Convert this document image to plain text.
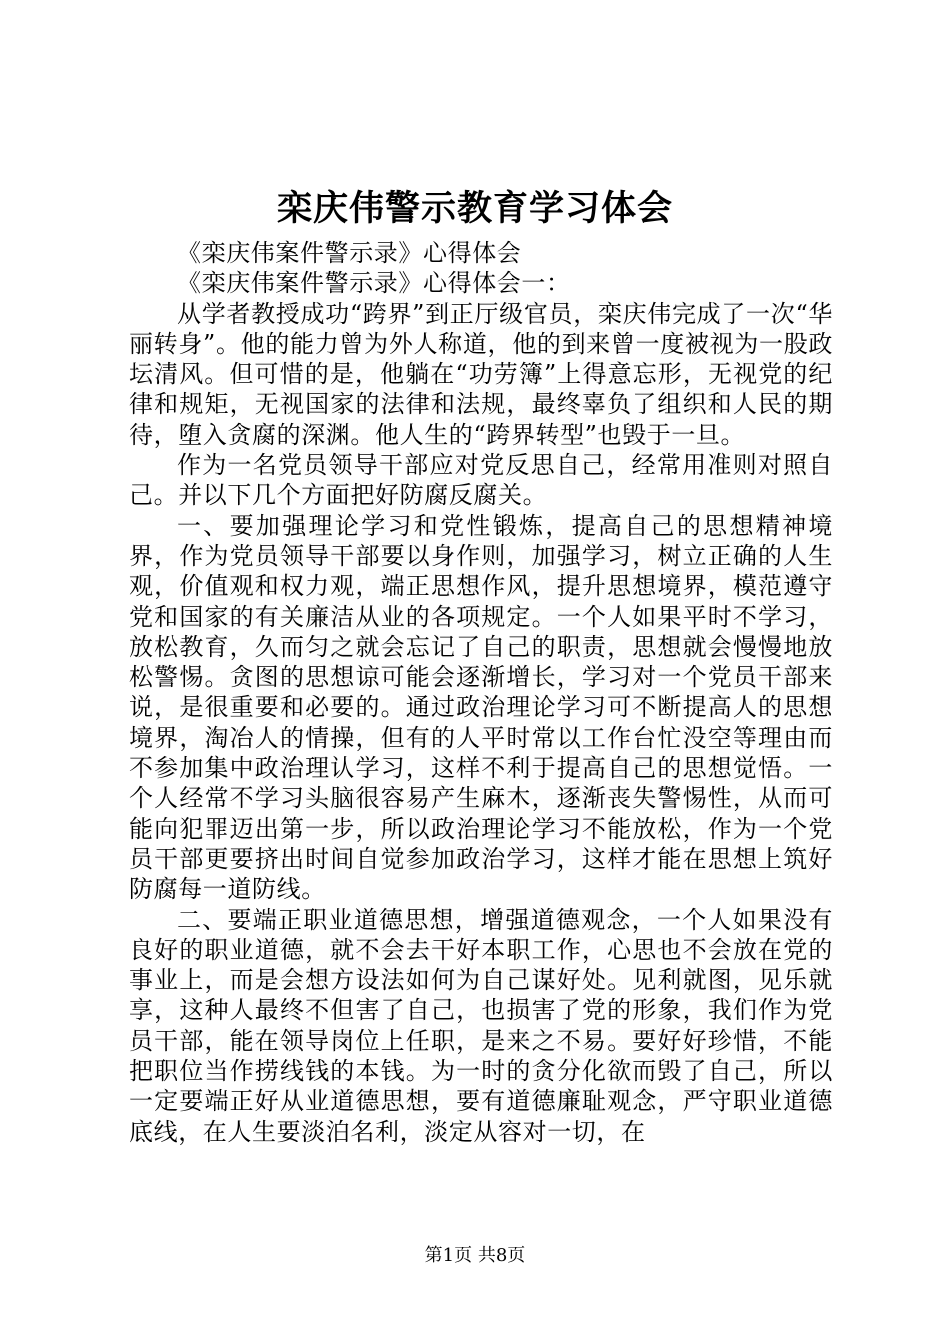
栾庆伟警示教育学习体会

《栾庆伟案件警示录》心得体会

《栾庆伟案件警示录》心得体会一：

从学者教授成功“跨界”到正厅级官员，栾庆伟完成了一次“华丽转身”。他的能力曾为外人称道，他的到来曾一度被视为一股政坛清风。但可惜的是，他躺在“功劳簿”上得意忘形，无视党的纪律和规矩，无视国家的法律和法规，最终辜负了组织和人民的期待，堕入贪腐的深渊。他人生的“跨界转型”也毁于一旦。

作为一名党员领导干部应对党反思自己，经常用准则对照自己。并以下几个方面把好防腐反腐关。

一、要加强理论学习和党性锻炼，提高自己的思想精神境界，作为党员领导干部要以身作则，加强学习，树立正确的人生观，价值观和权力观，端正思想作风，提升思想境界，模范遵守党和国家的有关廉洁从业的各项规定。一个人如果平时不学习，放松教育，久而匀之就会忘记了自己的职责，思想就会慢慢地放松警惕。贪图的思想谅可能会逐渐增长，学习对一个党员干部来说，是很重要和必要的。通过政治理论学习可不断提高人的思想境界，淘冶人的情操，但有的人平时常以工作台忙没空等理由而不参加集中政治理认学习，这样不利于提高自己的思想觉悟。一个人经常不学习头脑很容易产生麻木，逐渐丧失警惕性，从而可能向犯罪迈出第一步，所以政治理论学习不能放松，作为一个党员干部更要挤出时间自觉参加政治学习，这样才能在思想上筑好防腐每一道防线。

二、要端正职业道德思想，增强道德观念，一个人如果没有良好的职业道德，就不会去干好本职工作，心思也不会放在党的事业上，而是会想方设法如何为自己谋好处。见利就图，见乐就享，这种人最终不但害了自己，也损害了党的形象，我们作为党员干部，能在领导岗位上任职，是来之不易。要好好珍惜，不能把职位当作捞线钱的本钱。为一时的贪分化欲而毁了自己，所以一定要端正好从业道德思想，要有道德廉耻观念，严守职业道德底线，在人生要淡泊名利，淡定从容对一切，在

第1页 共8页
